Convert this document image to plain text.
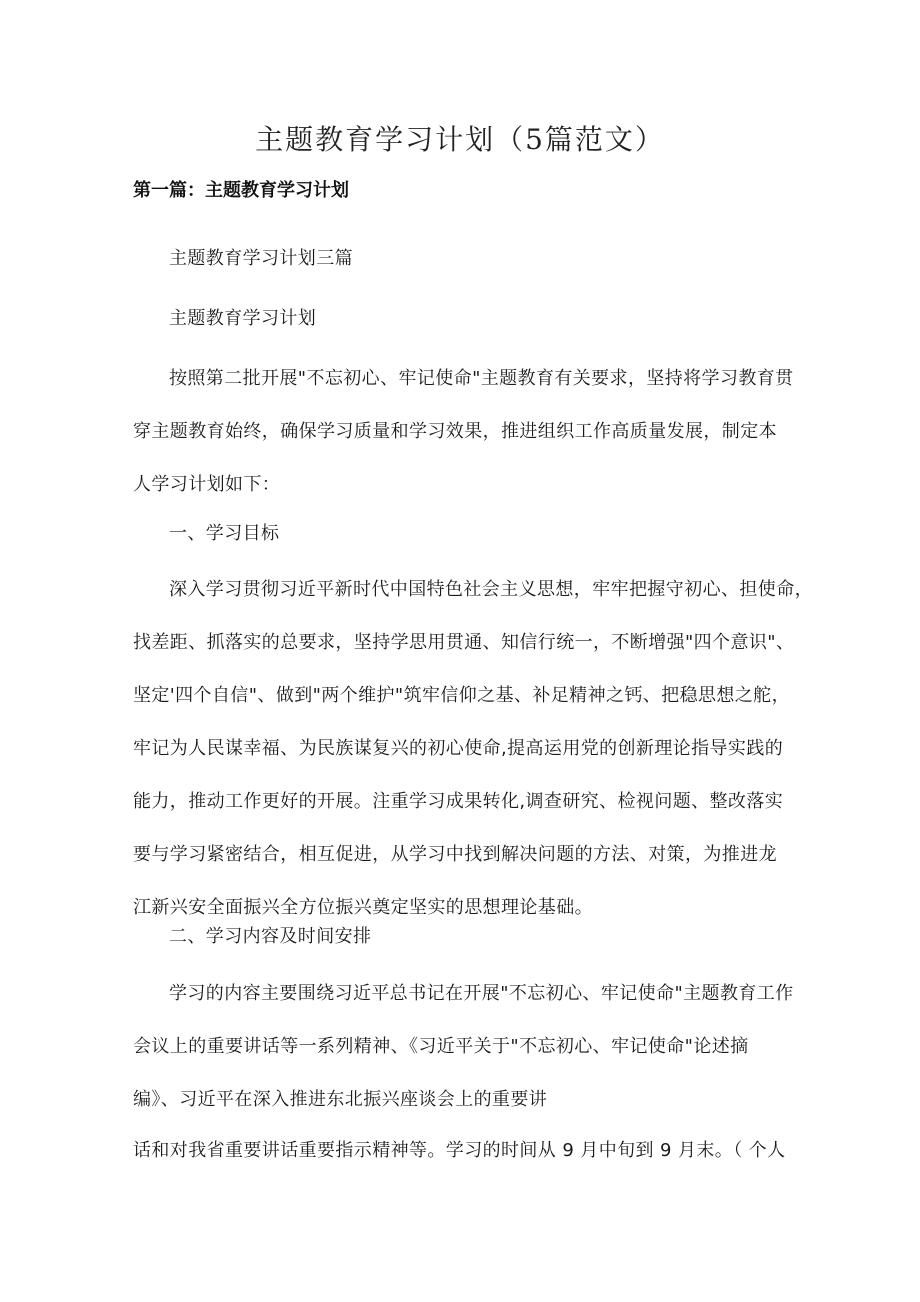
主题教育学习计划（5篇范文）
第一篇：主题教育学习计划

主题教育学习计划三篇

主题教育学习计划

按照第二批开展"不忘初心、牢记使命"主题教育有关要求，坚持将学习教育贯
穿主题教育始终，确保学习质量和学习效果，推进组织工作高质量发展，制定本
人学习计划如下：

一、学习目标

深入学习贯彻习近平新时代中国特色社会主义思想，牢牢把握守初心、担使命，
找差距、抓落实的总要求，坚持学思用贯通、知信行统一，不断增强"四个意识"、
坚定'四个自信"、做到"两个维护"筑牢信仰之基、补足精神之钙、把稳思想之舵，
牢记为人民谋幸福、为民族谋复兴的初心使命,提高运用党的创新理论指导实践的
能力，推动工作更好的开展。注重学习成果转化,调查研究、检视问题、整改落实
要与学习紧密结合，相互促进，从学习中找到解决问题的方法、对策，为推进龙
江新兴安全面振兴全方位振兴奠定坚实的思想理论基础。

二、学习内容及时间安排

学习的内容主要围绕习近平总书记在开展"不忘初心、牢记使命"主题教育工作
会议上的重要讲话等一系列精神、《习近平关于"不忘初心、牢记使命"论述摘
编》、习近平在深入推进东北振兴座谈会上的重要讲

话和对我省重要讲话重要指示精神等。学习的时间从 9 月中旬到 9 月末。（ 个人
